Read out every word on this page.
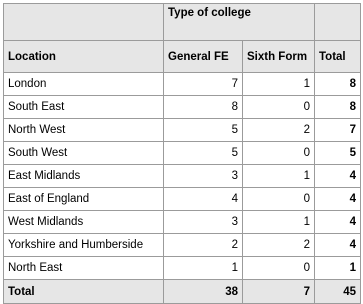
	Type of college		
Location	General FE	Sixth Form	Total
London	7	1	8
South East	8	0	8
North West	5	2	7
South West	5	0	5
East Midlands	3	1	4
East of England	4	0	4
West Midlands	3	1	4
Yorkshire and Humberside	2	2	4
North East	1	0	1
Total	38	7	45
